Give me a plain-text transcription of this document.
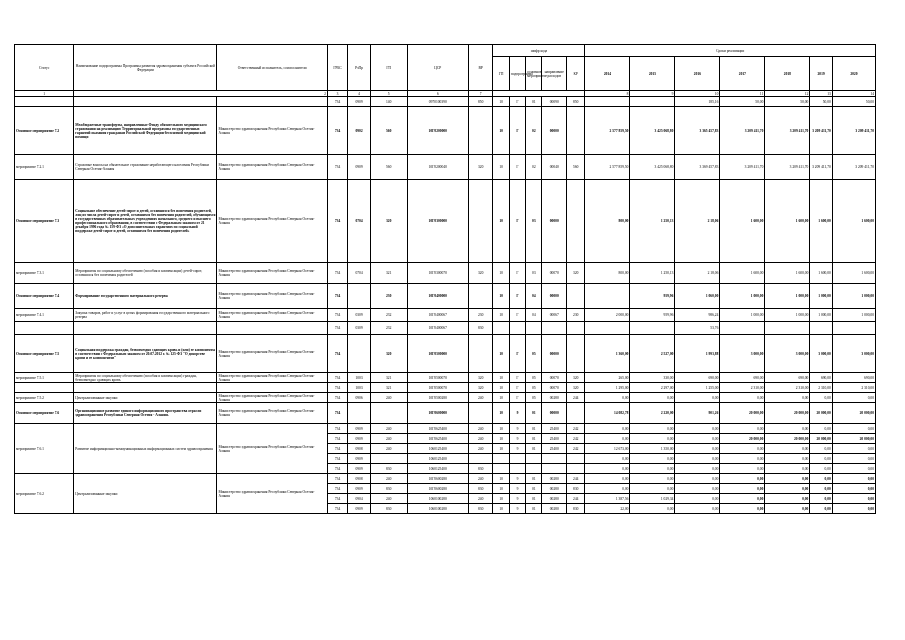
Статус	Наименование подпрограммы Программы развития здравоохранения субъекта Российской Федерации	Ответственный исполнитель, соисполнители	ГРБС	РзПр	ГП	ЦСР	ВР	шифр кода					Сроки реализации						
								ГП	подпрограмма	основное мероприятие	направление расходов	КР	2014	2015	2016	2017	2018	2019	2020
1	2		3	4	5	6	7						8	9	10	11	12	13	14
			734	0909	140	0970100390	850	10	Г	01	00090	850			185,16	50,00	50,00	50,00	50,00
Основное мероприятие 7.2	Межбюджетные трансферты, направленные Фонду обязательного медицинского страхования на реализацию Территориальной программы государственных гарантий оказания гражданам Российской Федерации бесплатной медицинской помощи	Министерство здравоохранения Республики Северная Осетия-Алания	734	0902	560	10Г0200000		10	Г	02	00000		2 577 859,50	3 425 068,80	3 365 457,83	3 209 411,70	3 209 411,70	3 209 411,70	3 209 411,70
мероприятие 7.2.1	Страховые взносы на обязательное страхование неработающего населения Республики Северная Осетия-Алания	Министерство здравоохранения Республики Северная Осетия-Алания	734	0909	560	10Г0200040	320	10	Г	02	00040	560	2 577 859,50	3 425 068,80	3 369 457,83	3 209 411,70	3 209 411,70	3 209 411,70	3 209 411,70
Основное мероприятие 7.3	Социальное обеспечение детей-сирот и детей, оставшихся без попечения родителей, лиц из числа детей-сирот и детей, оставшихся без попечения родителей, обучающихся в государственных образовательных учреждениях начального, среднего и высшего профессионального образования, в соответствии с Федеральным законом от 21 декабря 1996 года № 159-ФЗ «О дополнительных гарантиях по социальной поддержке детей-сирот и детей, оставшихся без попечения родителей»	Министерство здравоохранения Республики Северная Осетия-Алания	734	0704	320	10Г0300000		10	Г	03	00000		800,00	1 250,13	2 18,06	1 600,00	1 600,00	1 600,00	1 600,00
мероприятие 7.3.1	Мероприятия по социальному обеспечению (пособия и компенсации) детей-сирот, оставшихся без попечения родителей	Министерство здравоохранения Республики Северная Осетия-Алания	734	0704	321	10Г0300070	320	10	Г	03	00070	320	800,00	1 250,13	2 18,06	1 600,00	1 600,00	1 600,00	1 600,00
Основное мероприятие 7.4	Формирование государственного материального резерва	Министерство здравоохранения Республики Северная Осетия-Алания	734		230	10Г0400000		10	Г	04	00000			959,96	1 060,00	1 000,00	1 000,00	1 000,00	1 000,00
мероприятие 7.4.1	Закупка товаров, работ и услуг в целях формирования государственного материального резерва	Министерство здравоохранения Республики Северная Осетия-Алания	734	0309	232	10Г0400067	230	10	Г	04	00067	230	2 000,00	959,96	986,24	1 000,00	1 000,00	1 000,00	1 000,00
			734	0309	232	10Г0400067	830								53,76				
Основное мероприятие 7.5	Социальная поддержка граждан, безвозмездно сдающих кровь и (или) ее компоненты в соответствии с Федеральным законом от 20.07.2012 г. № 125-ФЗ "О донорстве крови и ее компонентов"	Министерство здравоохранения Республики Северная Осетия-Алания	734		320	10Г0500000		10	Г	05	00000		1 360,00	2 527,00	1 993,88	3 000,00	3 000,00	3 000,00	3 000,00
мероприятие 7.5.1	Мероприятия по социальному обеспечению (пособия и компенсации) граждан, безвозмездно сдающих кровь	Министерство здравоохранения Республики Северная Осетия-Алания	734	1003	321	10Г0500070	320	10	Г	05	00070	320	265,00	330,00	690,00	690,00	690,00	690,00	690,00
			734	1003	321	10Г0500070	320	10	Г	05	00070	320	1 295,00	2 297,00	1 255,00	2 310,00	2 310,00	2 310,00	2 310,00
мероприятие 7.5.2	Централизованные закупки	Министерство здравоохранения Республики Северная Осетия-Алания	734	0906	240	10Г0500280	240	10	Г	05	00280	244	0,00	0,00	0,00	0,00	0,00	0,00	0,00
Основное мероприятие 7.6	Организационное развитие единого информационного пространства отрасли здравоохранения Республики Северная Осетия - Алания.	Министерство здравоохранения Республики Северная Осетия-Алания	734			10Г0600000		10	9	01	00000		14 082,78	2 220,00	901,26	20 000,00	20 000,00	20 000,00	20 000,00
мероприятие 7.6.1	Развитие информационно-коммуникационных информационных систем здравоохранения	Министерство здравоохранения Республики Северная Осетия-Алания	734	0909	240	10Г0625400	240	10	9	01	25400	242	0,00	0,00	0,00	0,00	0,00	0,00	0,00
			734	0909	240	10Г0625400	240	10	9	01	25400	242	0,00	0,00	0,00	20 000,00	20 000,00	20 000,00	20 000,00
			734	0908	240	1060125400	240	10	9	01	25400	242	12 673,00	1 350,00	0,00	0,00	0,00	0,00	0,00
			734	0909		1060125400							0,00	0,00	0,00	0,00	0,00	0,00	0,00
			734	0909	830	1060125400	830						0,00	0,00	0,00	0,00	0,00	0,00	0,00
мероприятие 7.6.2	Централизованные закупки	Министерство здравоохранения Республики Северная Осетия-Алания	734	0908	240	10Г0600280	240	10	9	01	00280	244	0,00	0,00	0,00	0,00	0,00	0,00	0,00
			734	0909	830	10Г0600280	830	10	9	01	00280	830	0,00	0,00	0,00	0,00	0,00	0,00	0,00
			734	0904	240	1060100280	240	10	9	01	00280	244	1 387,56	1 029,34	0,00	0,00	0,00	0,00	0,00
			734	0909	830	1060100280	830	10	9	01	00280	830	22,00	0,00	0,00	0,00	0,00	0,00	0,00
